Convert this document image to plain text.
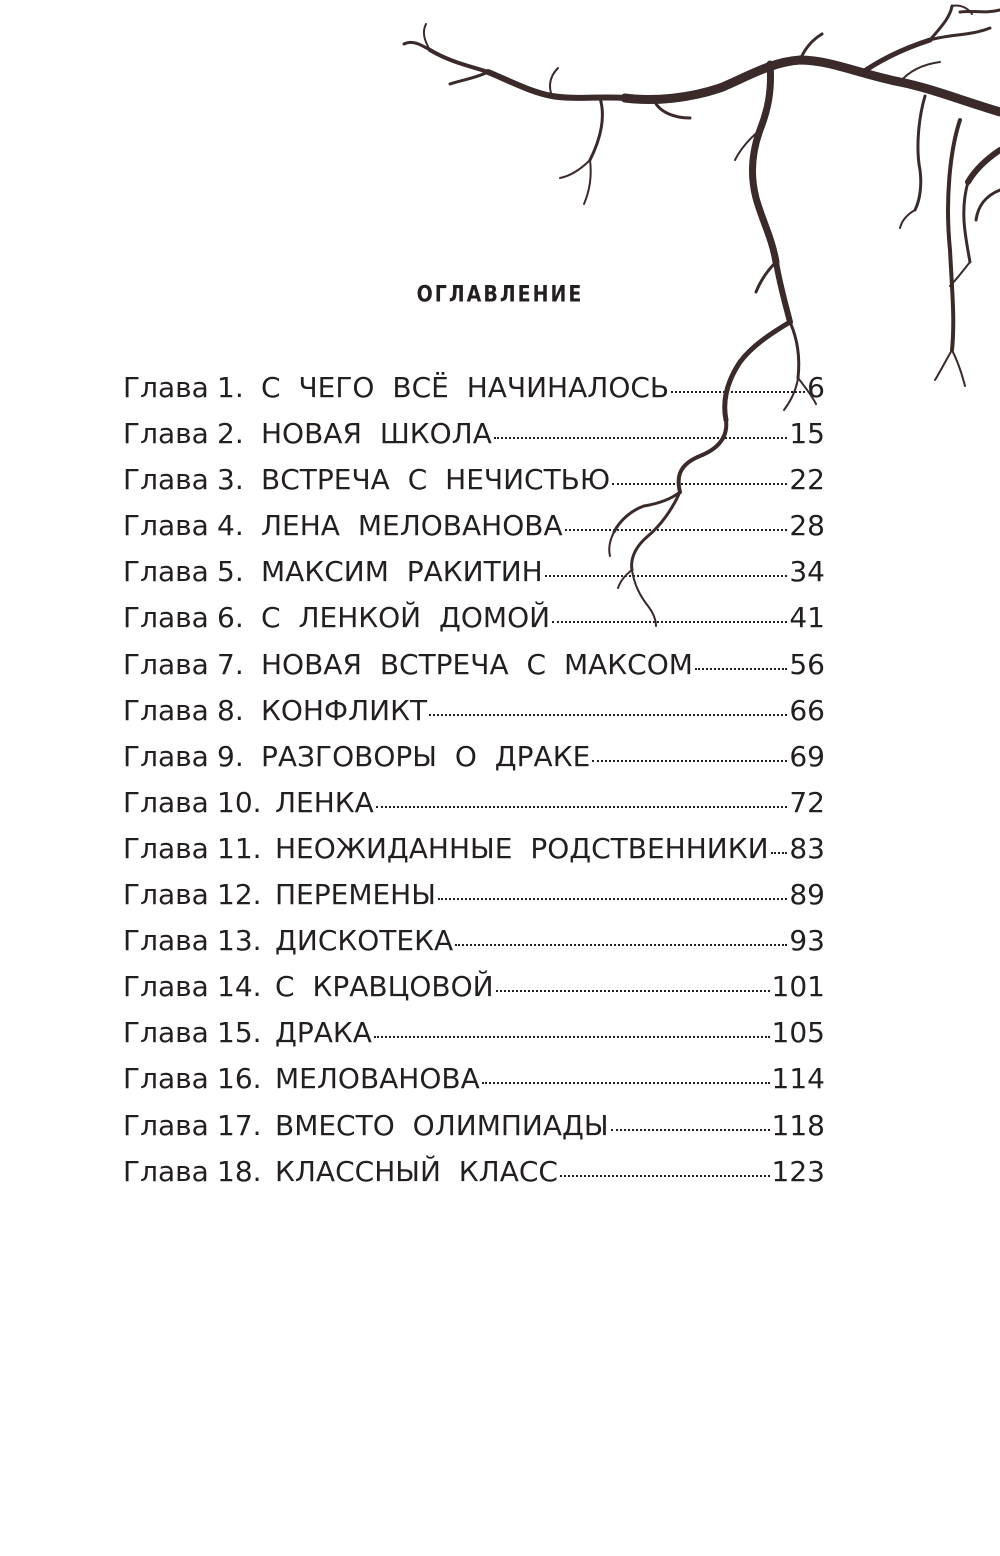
оглавление
Глава 1. С ЧЕГО ВСЁ НАЧИНАЛОСЬ	6
Глава 2. НОВАЯ ШКОЛА	15
Глава 3. ВСТРЕЧА С НЕЧИСТЬЮ	22
Глава 4. ЛЕНА МЕЛОВАНОВА	28
Глава 5. МАКСИМ РАКИТИН	34
Глава 6. С ЛЕНКОЙ ДОМОЙ	41
Глава 7. НОВАЯ ВСТРЕЧА С МАКСОМ	56
Глава 8. КОНФЛИКТ	66
Глава 9. РАЗГОВОРЫ О ДРАКЕ	69
Глава 10. ЛЕНКА	72
Глава 11. НЕОЖИДАННЫЕ РОДСТВЕННИКИ 83
Глава 12. ПЕРЕМЕНЫ	89
Глава 13. ДИСКОТЕКА	93
Глава 14. С КРАВЦОВОЙ	101
Глава 15. ДРАКА	105
Глава 16. МЕЛОВАНОВА	114
Глава 17. ВМЕСТО ОЛИМПИАДЫ	118
Глава 18. КЛАССНЫЙ КЛАСС	123
